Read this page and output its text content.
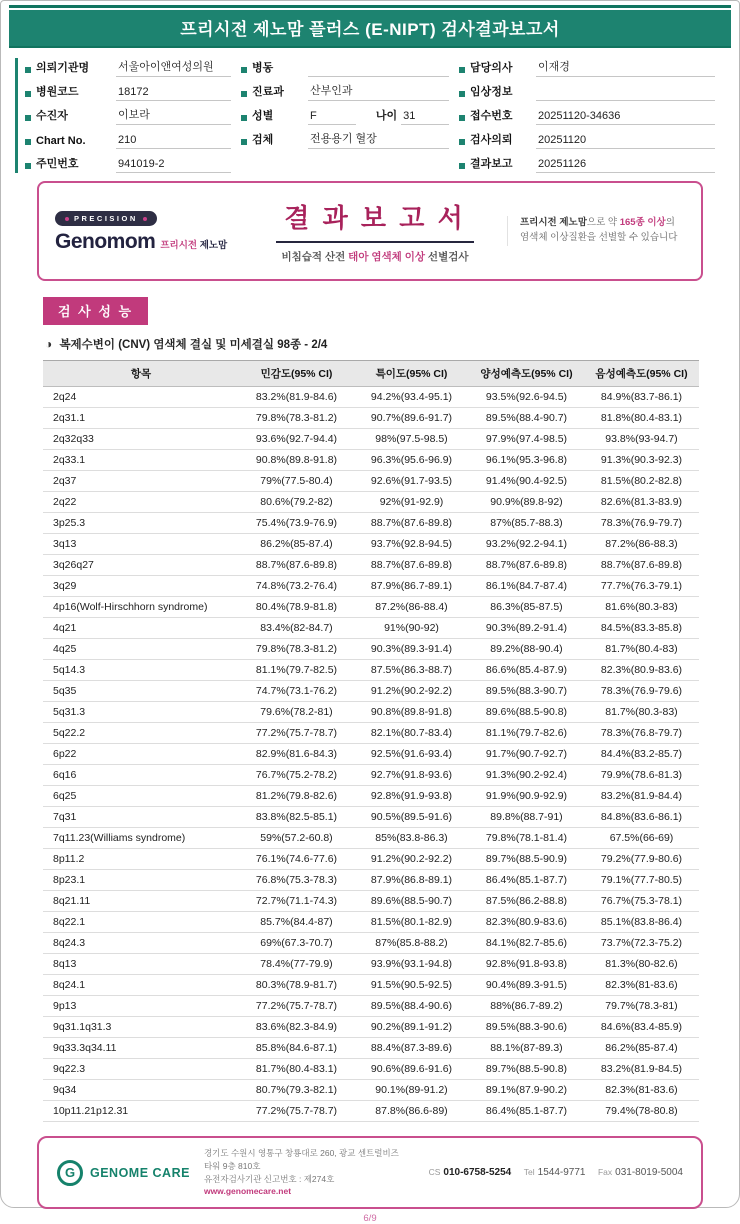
프리시전 제노맘 플러스 (E-NIPT) 검사결과보고서
의뢰기관명	서울아이앤여성의원
병원코드	18172
수진자	이보라
Chart No.	210
주민번호	941019-2
병동
진료과	산부인과
성별	F	나이 31
검체	전용용기 혈장
담당의사	이재경
임상정보
접수번호	20251120-34636
검사의뢰	20251120
결과보고	20251126
PRECISION
Genomom 프리시전 제노맘
결 과 보 고 서
비침습적 산전 태아 염색체 이상 선별검사
프리시전 제노맘으로 약 165종 이상의 염색체 이상질환을 선별할 수 있습니다
검 사 성 능
◑ 복제수변이 (CNV) 염색체 결실 및 미세결실 98종 - 2/4
항목	민감도(95% CI)	특이도(95% CI)	양성예측도(95% CI)	음성예측도(95% CI)
2q24	83.2%(81.9-84.6)	94.2%(93.4-95.1)	93.5%(92.6-94.5)	84.9%(83.7-86.1)
2q31.1	79.8%(78.3-81.2)	90.7%(89.6-91.7)	89.5%(88.4-90.7)	81.8%(80.4-83.1)
2q32q33	93.6%(92.7-94.4)	98%(97.5-98.5)	97.9%(97.4-98.5)	93.8%(93-94.7)
2q33.1	90.8%(89.8-91.8)	96.3%(95.6-96.9)	96.1%(95.3-96.8)	91.3%(90.3-92.3)
2q37	79%(77.5-80.4)	92.6%(91.7-93.5)	91.4%(90.4-92.5)	81.5%(80.2-82.8)
2q22	80.6%(79.2-82)	92%(91-92.9)	90.9%(89.8-92)	82.6%(81.3-83.9)
3p25.3	75.4%(73.9-76.9)	88.7%(87.6-89.8)	87%(85.7-88.3)	78.3%(76.9-79.7)
3q13	86.2%(85-87.4)	93.7%(92.8-94.5)	93.2%(92.2-94.1)	87.2%(86-88.3)
3q26q27	88.7%(87.6-89.8)	88.7%(87.6-89.8)	88.7%(87.6-89.8)	88.7%(87.6-89.8)
3q29	74.8%(73.2-76.4)	87.9%(86.7-89.1)	86.1%(84.7-87.4)	77.7%(76.3-79.1)
4p16(Wolf-Hirschhorn syndrome)	80.4%(78.9-81.8)	87.2%(86-88.4)	86.3%(85-87.5)	81.6%(80.3-83)
4q21	83.4%(82-84.7)	91%(90-92)	90.3%(89.2-91.4)	84.5%(83.3-85.8)
4q25	79.8%(78.3-81.2)	90.3%(89.3-91.4)	89.2%(88-90.4)	81.7%(80.4-83)
5q14.3	81.1%(79.7-82.5)	87.5%(86.3-88.7)	86.6%(85.4-87.9)	82.3%(80.9-83.6)
5q35	74.7%(73.1-76.2)	91.2%(90.2-92.2)	89.5%(88.3-90.7)	78.3%(76.9-79.6)
5q31.3	79.6%(78.2-81)	90.8%(89.8-91.8)	89.6%(88.5-90.8)	81.7%(80.3-83)
5q22.2	77.2%(75.7-78.7)	82.1%(80.7-83.4)	81.1%(79.7-82.6)	78.3%(76.8-79.7)
6p22	82.9%(81.6-84.3)	92.5%(91.6-93.4)	91.7%(90.7-92.7)	84.4%(83.2-85.7)
6q16	76.7%(75.2-78.2)	92.7%(91.8-93.6)	91.3%(90.2-92.4)	79.9%(78.6-81.3)
6q25	81.2%(79.8-82.6)	92.8%(91.9-93.8)	91.9%(90.9-92.9)	83.2%(81.9-84.4)
7q31	83.8%(82.5-85.1)	90.5%(89.5-91.6)	89.8%(88.7-91)	84.8%(83.6-86.1)
7q11.23(Williams syndrome)	59%(57.2-60.8)	85%(83.8-86.3)	79.8%(78.1-81.4)	67.5%(66-69)
8p11.2	76.1%(74.6-77.6)	91.2%(90.2-92.2)	89.7%(88.5-90.9)	79.2%(77.9-80.6)
8p23.1	76.8%(75.3-78.3)	87.9%(86.8-89.1)	86.4%(85.1-87.7)	79.1%(77.7-80.5)
8q21.11	72.7%(71.1-74.3)	89.6%(88.5-90.7)	87.5%(86.2-88.8)	76.7%(75.3-78.1)
8q22.1	85.7%(84.4-87)	81.5%(80.1-82.9)	82.3%(80.9-83.6)	85.1%(83.8-86.4)
8q24.3	69%(67.3-70.7)	87%(85.8-88.2)	84.1%(82.7-85.6)	73.7%(72.3-75.2)
8q13	78.4%(77-79.9)	93.9%(93.1-94.8)	92.8%(91.8-93.8)	81.3%(80-82.6)
8q24.1	80.3%(78.9-81.7)	91.5%(90.5-92.5)	90.4%(89.3-91.5)	82.3%(81-83.6)
9p13	77.2%(75.7-78.7)	89.5%(88.4-90.6)	88%(86.7-89.2)	79.7%(78.3-81)
9q31.1q31.3	83.6%(82.3-84.9)	90.2%(89.1-91.2)	89.5%(88.3-90.6)	84.6%(83.4-85.9)
9q33.3q34.11	85.8%(84.6-87.1)	88.4%(87.3-89.6)	88.1%(87-89.3)	86.2%(85-87.4)
9q22.3	81.7%(80.4-83.1)	90.6%(89.6-91.6)	89.7%(88.5-90.8)	83.2%(81.9-84.5)
9q34	80.7%(79.3-82.1)	90.1%(89-91.2)	89.1%(87.9-90.2)	82.3%(81-83.6)
10p11.21p12.31	77.2%(75.7-78.7)	87.8%(86.6-89)	86.4%(85.1-87.7)	79.4%(78-80.8)
G GENOME CARE
경기도 수원시 영통구 창룡대로 260, 광교 센트럴비즈타워 9층 810호
유전자검사기관 신고번호 : 제274호
www.genomecare.net
CS 010-6758-5254 Tel 1544-9771 Fax 031-8019-5004
6/9
